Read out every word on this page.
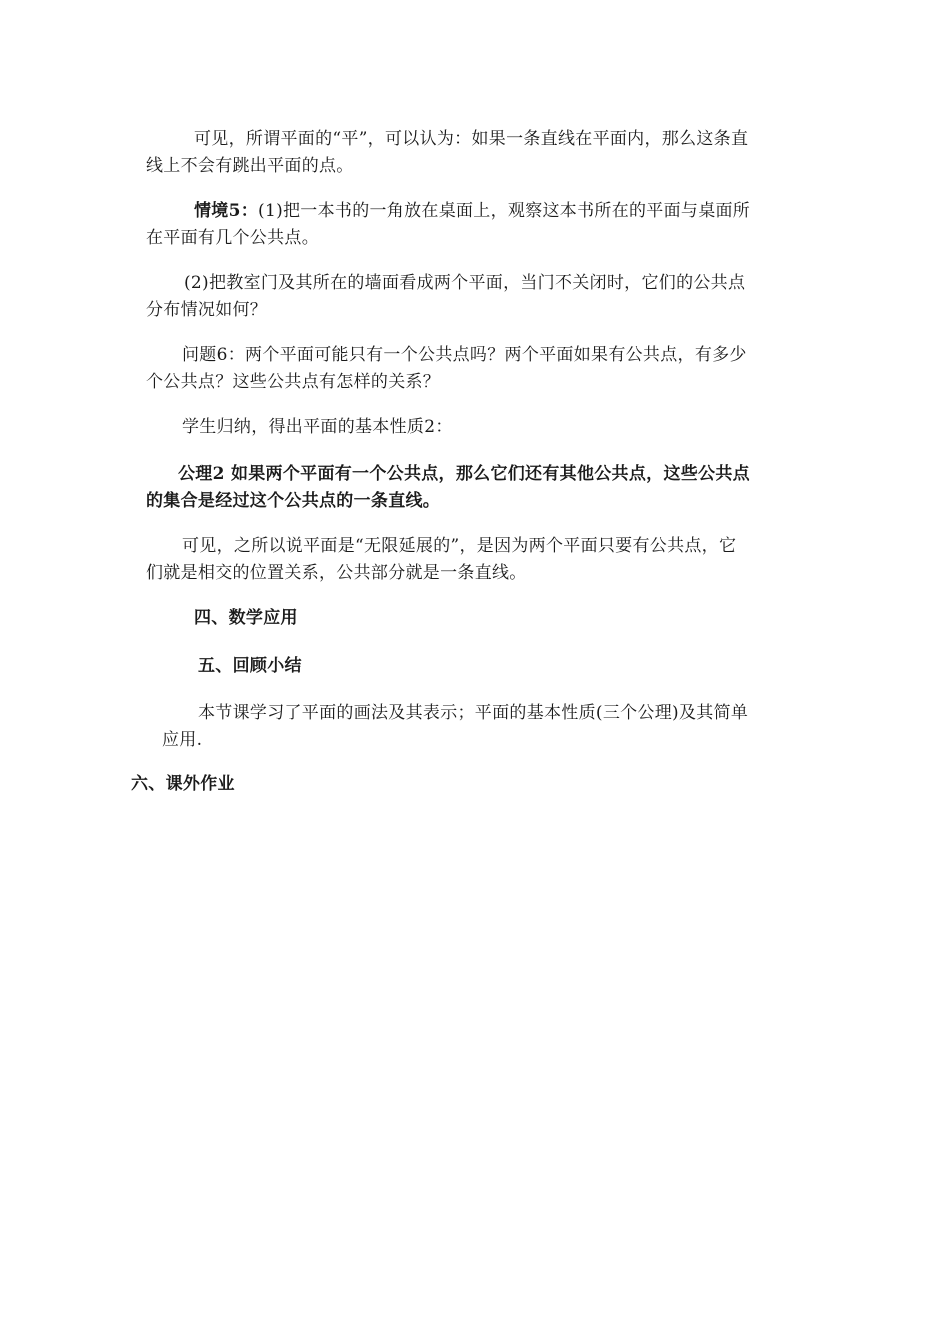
可见，所谓平面的“平”，可以认为：如果一条直线在平面内，那么这条直
线上不会有跳出平面的点。

情境5：(1)把一本书的一角放在桌面上，观察这本书所在的平面与桌面所
在平面有几个公共点。

(2)把教室门及其所在的墙面看成两个平面，当门不关闭时，它们的公共点
分布情况如何？

问题6：两个平面可能只有一个公共点吗？两个平面如果有公共点，有多少
个公共点？这些公共点有怎样的关系？

学生归纳，得出平面的基本性质2：

公理2 如果两个平面有一个公共点，那么它们还有其他公共点，这些公共点
的集合是经过这个公共点的一条直线。

可见，之所以说平面是“无限延展的”，是因为两个平面只要有公共点，它
们就是相交的位置关系，公共部分就是一条直线。

四、数学应用

五、回顾小结

本节课学习了平面的画法及其表示；平面的基本性质(三个公理)及其简单
应用.

六、课外作业
